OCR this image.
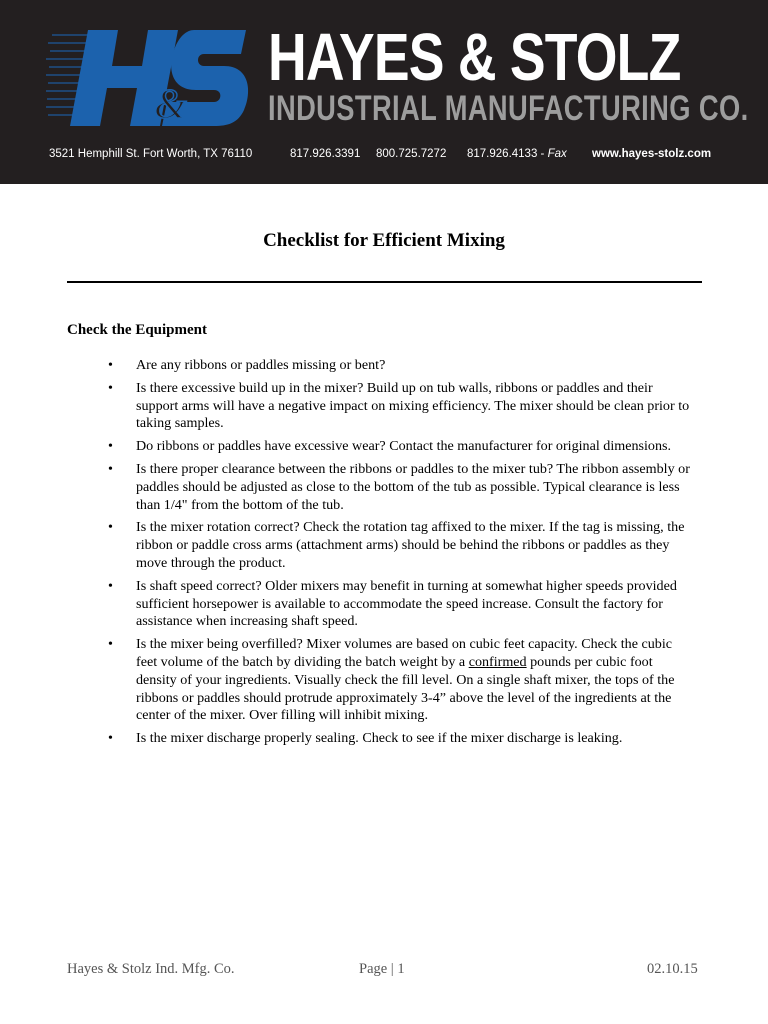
&
HAYES & STOLZ
INDUSTRIAL MANUFACTURING CO.
3521 Hemphill St. Fort Worth, TX 76110	817.926.3391 800.725.7272 817.926.4133 - Fax www.hayes-stolz.com
Checklist for Efficient Mixing
Check the Equipment
• Are any ribbons or paddles missing or bent?
• Is there excessive build up in the mixer? Build up on tub walls, ribbons or paddles and their support arms will have a negative impact on mixing efficiency. The mixer should be clean prior to taking samples.
• Do ribbons or paddles have excessive wear? Contact the manufacturer for original dimensions.
• Is there proper clearance between the ribbons or paddles to the mixer tub? The ribbon assembly or paddles should be adjusted as close to the bottom of the tub as possible. Typical clearance is less than 1/4" from the bottom of the tub.
• Is the mixer rotation correct? Check the rotation tag affixed to the mixer. If the tag is missing, the ribbon or paddle cross arms (attachment arms) should be behind the ribbons or paddles as they move through the product.
• Is shaft speed correct? Older mixers may benefit in turning at somewhat higher speeds provided sufficient horsepower is available to accommodate the speed increase. Consult the factory for assistance when increasing shaft speed.
• Is the mixer being overfilled? Mixer volumes are based on cubic feet capacity. Check the cubic feet volume of the batch by dividing the batch weight by a confirmed pounds per cubic foot density of your ingredients. Visually check the fill level. On a single shaft mixer, the tops of the ribbons or paddles should protrude approximately 3-4” above the level of the ingredients at the center of the mixer. Over filling will inhibit mixing.
• Is the mixer discharge properly sealing. Check to see if the mixer discharge is leaking.
Hayes & Stolz Ind. Mfg. Co.	Page | 1	02.10.15
